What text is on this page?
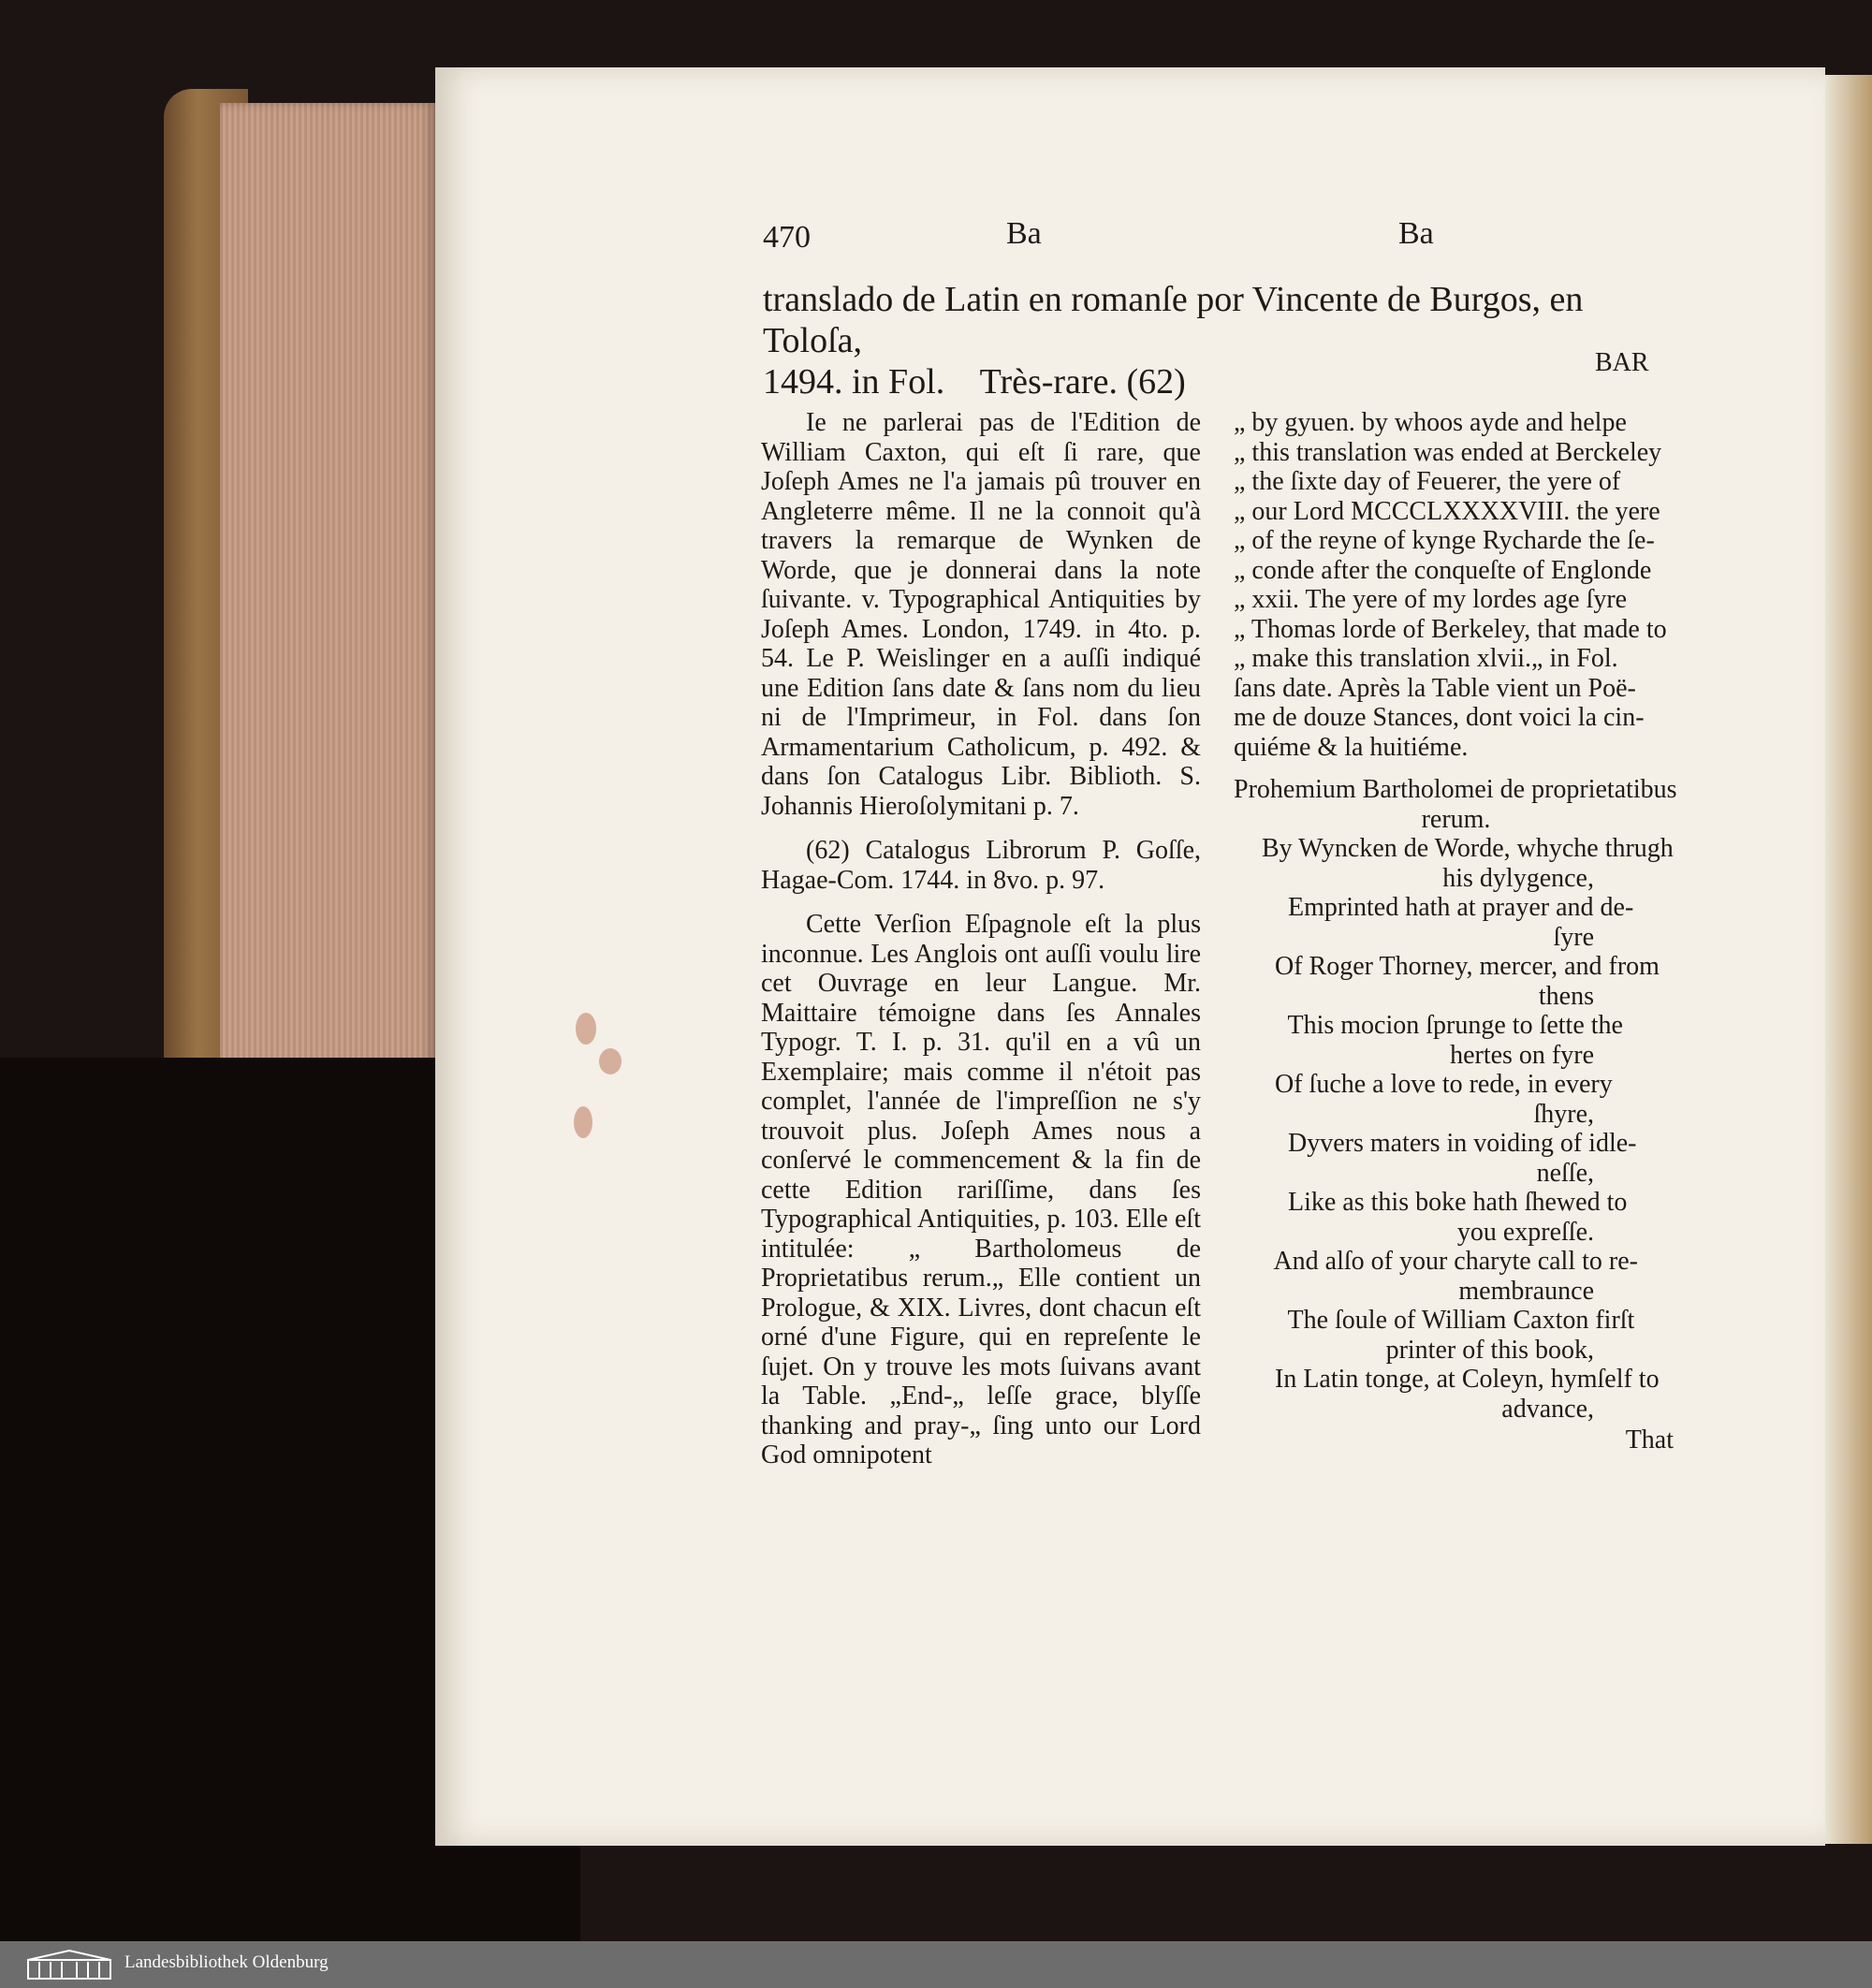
470	Ba	Ba
BAR
translado de Latin en romanſe por Vincente de Burgos, en Toloſa,
1494. in Fol.    Très-rare. (62)

Ie ne parlerai pas de l'Edition de William Caxton, qui eſt ſi rare, que Joſeph Ames ne l'a jamais pû trouver en Angleterre même. Il ne la connoit qu'à travers la remarque de Wynken de Worde, que je donnerai dans la note ſuivante. v. Typographical Antiquities by Joſeph Ames. London, 1749. in 4to. p. 54. Le P. Weislinger en a auſſi indiqué une Edition ſans date & ſans nom du lieu ni de l'Imprimeur, in Fol. dans ſon Armamentarium Catholicum, p. 492. & dans ſon Catalogus Libr. Biblioth. S. Johannis Hieroſolymitani p. 7.

(62) Catalogus Librorum P. Goſſe, Hagae-Com. 1744. in 8vo. p. 97.

Cette Verſion Eſpagnole eſt la plus inconnue. Les Anglois ont auſſi voulu lire cet Ouvrage en leur Langue. Mr. Maittaire témoigne dans ſes Annales Typogr. T. I. p. 31. qu'il en a vû un Exemplaire; mais comme il n'étoit pas complet, l'année de l'impreſſion ne s'y trouvoit plus. Joſeph Ames nous a conſervé le commencement & la fin de cette Edition rariſſime, dans ſes Typographical Antiquities, p. 103. Elle eſt intitulée: „ Bartholomeus de Proprietatibus rerum.„ Elle contient un Prologue, & XIX. Livres, dont chacun eſt orné d'une Figure, qui en repreſente le ſujet. On y trouve les mots ſuivans avant la Table. „End-„ leſſe grace, blyſſe thanking and pray-„ ſing unto our Lord God omnipotent

„ by gyuen. by whoos ayde and helpe
„ this translation was ended at Berckeley
„ the ſixte day of Feuerer, the yere of
„ our Lord MCCCLXXXXVIII. the yere
„ of the reyne of kynge Rycharde the ſe-
„ conde after the conqueſte of Englonde
„ xxii. The yere of my lordes age ſyre
„ Thomas lorde of Berkeley, that made to
„ make this translation xlvii.„ in Fol.
ſans date. Après la Table vient un Poë-
me de douze Stances, dont voici la cin-
quiéme & la huitiéme.
Prohemium Bartholomei de proprietatibus
rerum.
By Wyncken de Worde, whyche thrugh
his dylygence,
Emprinted hath at prayer and de-
ſyre
Of Roger Thorney, mercer, and from
thens
This mocion ſprunge to ſette the
hertes on fyre
Of ſuche a love to rede, in every
ſhyre,
Dyvers maters in voiding of idle-
neſſe,
Like as this boke hath ſhewed to
you expreſſe.
And alſo of your charyte call to re-
membraunce
The ſoule of William Caxton firſt
printer of this book,
In Latin tonge, at Coleyn, hymſelf to
advance,
That
Landesbibliothek Oldenburg
